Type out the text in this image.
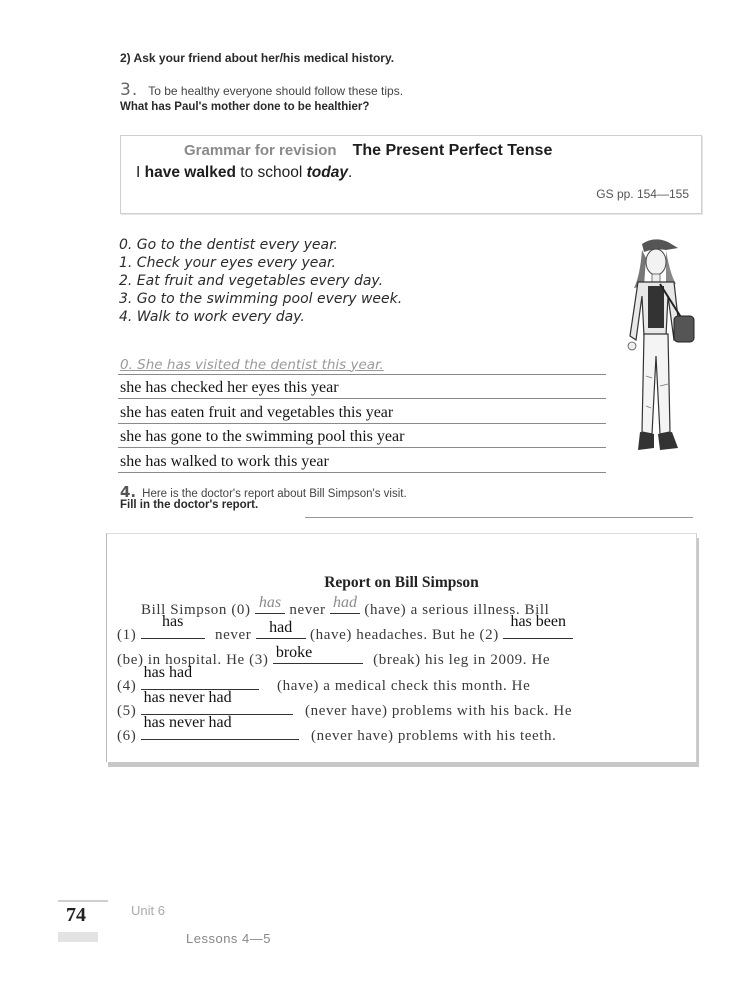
2) Ask your friend about her/his medical history.
3. To be healthy everyone should follow these tips.
What has Paul's mother done to be healthier?
Grammar for revision The Present Perfect Tense
I have walked to school today.
GS pp. 154—155
0. Go to the dentist every year.
1. Check your eyes every year.
2. Eat fruit and vegetables every day.
3. Go to the swimming pool every week.
4. Walk to work every day.
0. She has visited the dentist this year.
she has checked her eyes this year
she has eaten fruit and vegetables this year
she has gone to the swimming pool this year
she has walked to work this year
4. Here is the doctor's report about Bill Simpson's visit.
Fill in the doctor's report.
Report on Bill Simpson
Bill Simpson (0) has never had (have) a serious illness. Bill
(1)
has
never had (have) headaches. But he (2)
has been
(be) in hospital. He (3) broke	(break) his leg in 2009. He
(4)
has had
(have) a medical check this month. He
(5)
has never had
(never have) problems with his back. He
(6)
has never had
(never have) problems with his teeth.
74	Unit 6
Lessons 4—5
